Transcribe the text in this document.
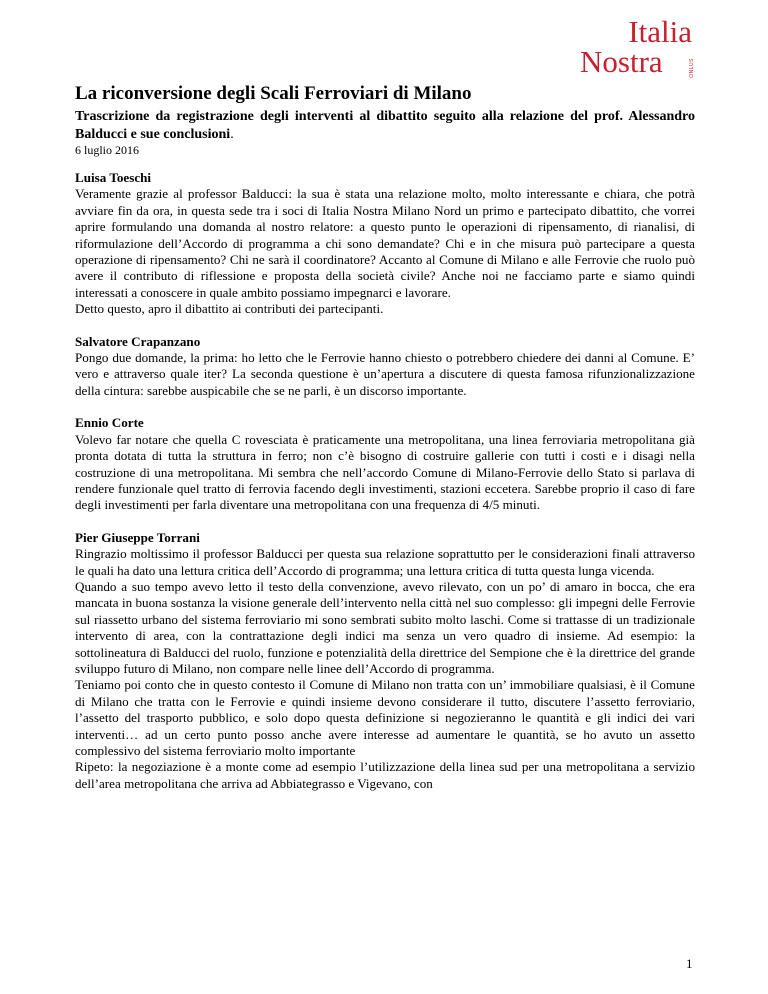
Italia
Nostra	ONLUS
La riconversione degli Scali Ferroviari di Milano

Trascrizione da registrazione degli interventi al dibattito seguito alla relazione del prof. Alessandro Balducci e sue conclusioni.

6 luglio 2016

Luisa Toeschi

Veramente grazie al professor Balducci: la sua è stata una relazione molto, molto interessante e chiara, che potrà avviare fin da ora, in questa sede tra i soci di Italia Nostra Milano Nord un primo e partecipato dibattito, che vorrei aprire formulando una domanda al nostro relatore: a questo punto le operazioni di ripensamento, di rianalisi, di riformulazione dell’Accordo di programma a chi sono demandate? Chi e in che misura può partecipare a questa operazione di ripensamento? Chi ne sarà il coordinatore? Accanto al Comune di Milano e alle Ferrovie che ruolo può avere il contributo di riflessione e proposta della società civile? Anche noi ne facciamo parte e siamo quindi interessati a conoscere in quale ambito possiamo impegnarci e lavorare.

Detto questo, apro il dibattito ai contributi dei partecipanti.

Salvatore Crapanzano

Pongo due domande, la prima: ho letto che le Ferrovie hanno chiesto o potrebbero chiedere dei danni al Comune. E’ vero e attraverso quale iter? La seconda questione è un’apertura a discutere di questa famosa rifunzionalizzazione della cintura: sarebbe auspicabile che se ne parli, è un discorso importante.

Ennio Corte

Volevo far notare che quella C rovesciata è praticamente una metropolitana, una linea ferroviaria metropolitana già pronta dotata di tutta la struttura in ferro; non c’è bisogno di costruire gallerie con tutti i costi e i disagi nella costruzione di una metropolitana. Mi sembra che nell’accordo Comune di Milano-Ferrovie dello Stato si parlava di rendere funzionale quel tratto di ferrovia facendo degli investimenti, stazioni eccetera. Sarebbe proprio il caso di fare degli investimenti per farla diventare una metropolitana con una frequenza di 4/5 minuti.

Pier Giuseppe Torrani

Ringrazio moltissimo il professor Balducci per questa sua relazione soprattutto per le considerazioni finali attraverso le quali ha dato una lettura critica dell’Accordo di programma; una lettura critica di tutta questa lunga vicenda.

Quando a suo tempo avevo letto il testo della convenzione, avevo rilevato, con un po’ di amaro in bocca, che era mancata in buona sostanza la visione generale dell’intervento nella città nel suo complesso: gli impegni delle Ferrovie sul riassetto urbano del sistema ferroviario mi sono sembrati subito molto laschi. Come si trattasse di un tradizionale intervento di area, con la contrattazione degli indici ma senza un vero quadro di insieme. Ad esempio: la sottolineatura di Balducci del ruolo, funzione e potenzialità della direttrice del Sempione che è la direttrice del grande sviluppo futuro di Milano, non compare nelle linee dell’Accordo di programma.

Teniamo poi conto che in questo contesto il Comune di Milano non tratta con un’ immobiliare qualsiasi, è il Comune di Milano che tratta con le Ferrovie e quindi insieme devono considerare il tutto, discutere l’assetto ferroviario, l’assetto del trasporto pubblico, e solo dopo questa definizione si negozieranno le quantità e gli indici dei vari interventi… ad un certo punto posso anche avere interesse ad aumentare le quantità, se ho avuto un assetto complessivo del sistema ferroviario molto importante

Ripeto: la negoziazione è a monte come ad esempio l’utilizzazione della linea sud per una metropolitana a servizio dell’area metropolitana che arriva ad Abbiategrasso e Vigevano, con

1
